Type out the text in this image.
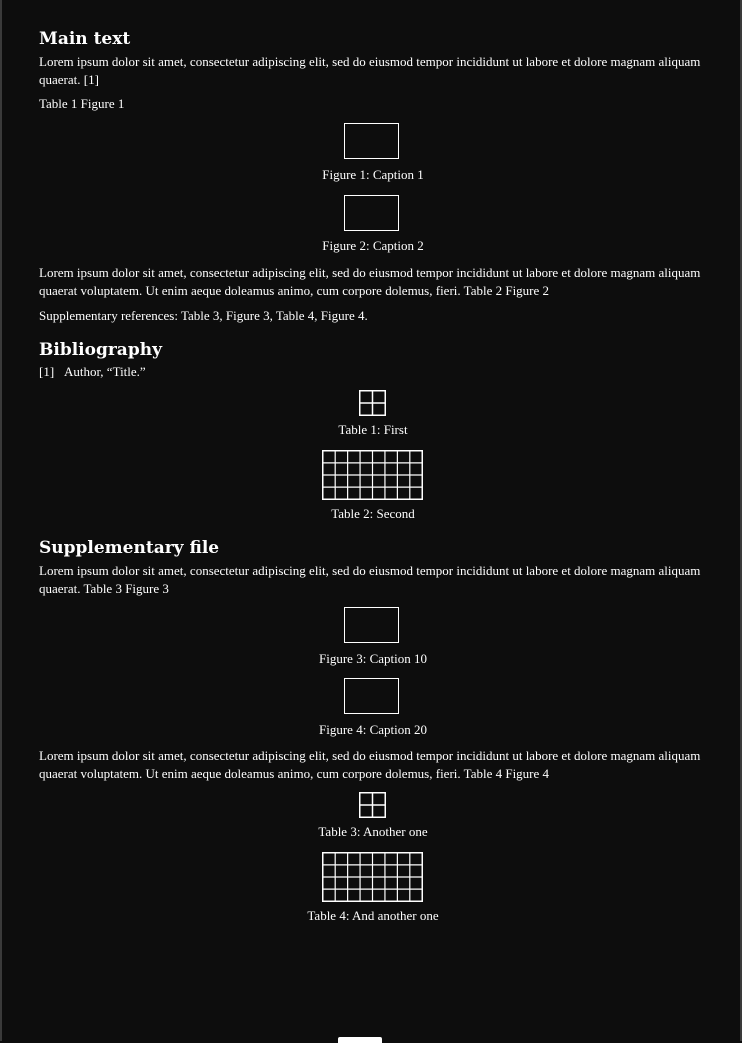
Main text

Lorem ipsum dolor sit amet, consectetur adipiscing elit, sed do eiusmod tempor incididunt ut labore et dolore magnam aliquam quaerat. [1]

Table 1 Figure 1

Figure 1: Caption 1

Figure 2: Caption 2

Lorem ipsum dolor sit amet, consectetur adipiscing elit, sed do eiusmod tempor incididunt ut labore et dolore magnam aliquam quaerat voluptatem. Ut enim aeque doleamus animo, cum corpore dolemus, fieri. Table 2 Figure 2

Supplementary references: Table 3, Figure 3, Table 4, Figure 4.

Bibliography
[1] Author, “Title.”

Table 1: First

Table 2: Second

Supplementary file

Lorem ipsum dolor sit amet, consectetur adipiscing elit, sed do eiusmod tempor incididunt ut labore et dolore magnam aliquam quaerat. Table 3 Figure 3

Figure 3: Caption 10

Figure 4: Caption 20

Lorem ipsum dolor sit amet, consectetur adipiscing elit, sed do eiusmod tempor incididunt ut labore et dolore magnam aliquam quaerat voluptatem. Ut enim aeque doleamus animo, cum corpore dolemus, fieri. Table 4 Figure 4

Table 3: Another one

Table 4: And another one
